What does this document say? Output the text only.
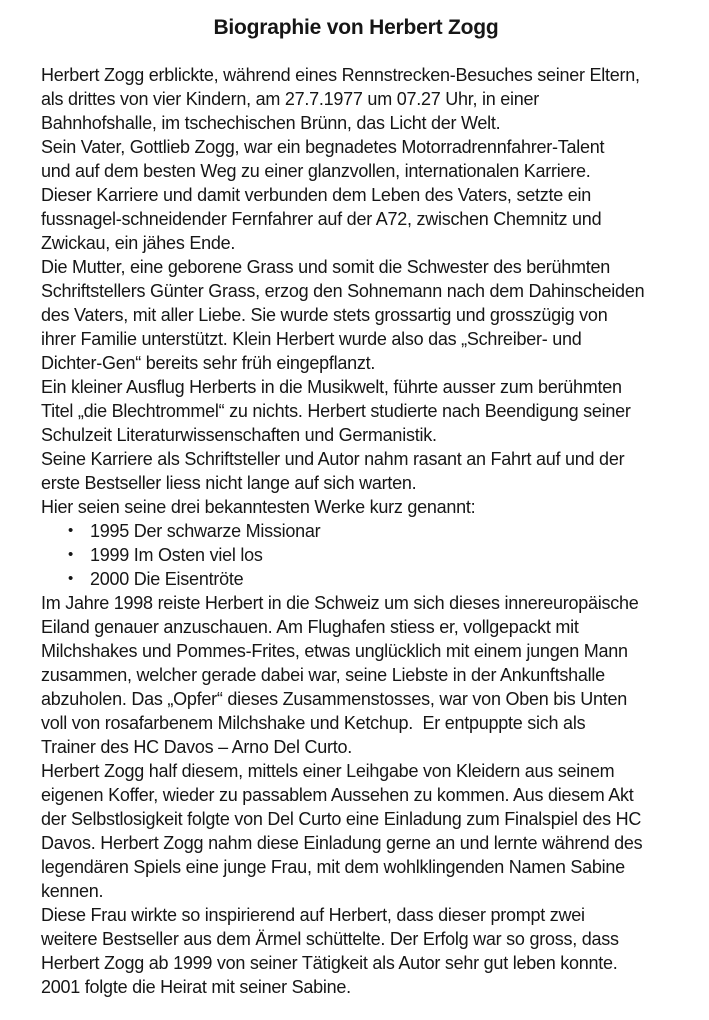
Biographie von Herbert Zogg
Herbert Zogg erblickte, während eines Rennstrecken-Besuches seiner Eltern,
als drittes von vier Kindern, am 27.7.1977 um 07.27 Uhr, in einer
Bahnhofshalle, im tschechischen Brünn, das Licht der Welt.
Sein Vater, Gottlieb Zogg, war ein begnadetes Motorradrennfahrer-Talent
und auf dem besten Weg zu einer glanzvollen, internationalen Karriere.
Dieser Karriere und damit verbunden dem Leben des Vaters, setzte ein
fussnagel-schneidender Fernfahrer auf der A72, zwischen Chemnitz und
Zwickau, ein jähes Ende.
Die Mutter, eine geborene Grass und somit die Schwester des berühmten
Schriftstellers Günter Grass, erzog den Sohnemann nach dem Dahinscheiden
des Vaters, mit aller Liebe. Sie wurde stets grossartig und grosszügig von
ihrer Familie unterstützt. Klein Herbert wurde also das „Schreiber- und
Dichter-Gen“ bereits sehr früh eingepflanzt.
Ein kleiner Ausflug Herberts in die Musikwelt, führte ausser zum berühmten
Titel „die Blechtrommel“ zu nichts. Herbert studierte nach Beendigung seiner
Schulzeit Literaturwissenschaften und Germanistik.
Seine Karriere als Schriftsteller und Autor nahm rasant an Fahrt auf und der
erste Bestseller liess nicht lange auf sich warten.
Hier seien seine drei bekanntesten Werke kurz genannt:
• 1995 Der schwarze Missionar
• 1999 Im Osten viel los
• 2000 Die Eisentröte
Im Jahre 1998 reiste Herbert in die Schweiz um sich dieses innereuropäische
Eiland genauer anzuschauen. Am Flughafen stiess er, vollgepackt mit
Milchshakes und Pommes-Frites, etwas unglücklich mit einem jungen Mann
zusammen, welcher gerade dabei war, seine Liebste in der Ankunftshalle
abzuholen. Das „Opfer“ dieses Zusammenstosses, war von Oben bis Unten
voll von rosafarbenem Milchshake und Ketchup.  Er entpuppte sich als
Trainer des HC Davos – Arno Del Curto.
Herbert Zogg half diesem, mittels einer Leihgabe von Kleidern aus seinem
eigenen Koffer, wieder zu passablem Aussehen zu kommen. Aus diesem Akt
der Selbstlosigkeit folgte von Del Curto eine Einladung zum Finalspiel des HC
Davos. Herbert Zogg nahm diese Einladung gerne an und lernte während des
legendären Spiels eine junge Frau, mit dem wohlklingenden Namen Sabine
kennen.
Diese Frau wirkte so inspirierend auf Herbert, dass dieser prompt zwei
weitere Bestseller aus dem Ärmel schüttelte. Der Erfolg war so gross, dass
Herbert Zogg ab 1999 von seiner Tätigkeit als Autor sehr gut leben konnte.
2001 folgte die Heirat mit seiner Sabine.
